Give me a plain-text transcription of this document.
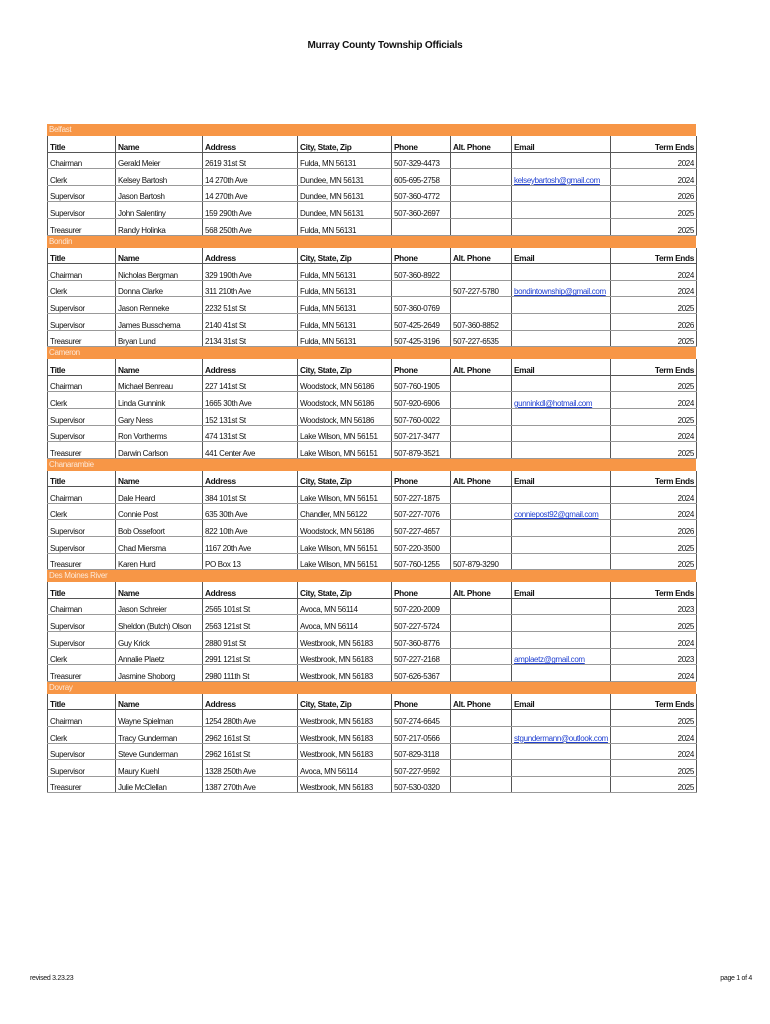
Murray County Township Officials
Belfast
Title	Name	Address	City, State, Zip	Phone	Alt. Phone	Email	Term Ends
Chairman	Gerald Meier	2619 31st St	Fulda, MN 56131	507-329-4473			2024
Clerk	Kelsey Bartosh	14 270th Ave	Dundee, MN 56131	605-695-2758		kelseybartosh@gmail.com	2024
Supervisor	Jason Bartosh	14 270th Ave	Dundee, MN 56131	507-360-4772			2026
Supervisor	John Salentiny	159 290th Ave	Dundee, MN 56131	507-360-2697			2025
Treasurer	Randy Holinka	568 250th Ave	Fulda, MN 56131				2025
Bondin
Title	Name	Address	City, State, Zip	Phone	Alt. Phone	Email	Term Ends
Chairman	Nicholas Bergman	329 190th Ave	Fulda, MN 56131	507-360-8922			2024
Clerk	Donna Clarke	311 210th Ave	Fulda, MN 56131		507-227-5780	bondintownship@gmail.com	2024
Supervisor	Jason Renneke	2232 51st St	Fulda, MN 56131	507-360-0769			2025
Supervisor	James Busschema	2140 41st St	Fulda, MN 56131	507-425-2649	507-360-8852		2026
Treasurer	Bryan Lund	2134 31st St	Fulda, MN 56131	507-425-3196	507-227-6535		2025
Cameron
Title	Name	Address	City, State, Zip	Phone	Alt. Phone	Email	Term Ends
Chairman	Michael Benreau	227 141st St	Woodstock, MN 56186	507-760-1905			2025
Clerk	Linda Gunnink	1665 30th Ave	Woodstock, MN 56186	507-920-6906		gunninkdl@hotmail.com	2024
Supervisor	Gary Ness	152 131st St	Woodstock, MN 56186	507-760-0022			2025
Supervisor	Ron Vortherms	474 131st St	Lake Wilson, MN 56151	507-217-3477			2024
Treasurer	Darwin Carlson	441 Center Ave	Lake Wilson, MN 56151	507-879-3521			2025
Chanarambie
Title	Name	Address	City, State, Zip	Phone	Alt. Phone	Email	Term Ends
Chairman	Dale Heard	384 101st St	Lake Wilson, MN 56151	507-227-1875			2024
Clerk	Connie Post	635 30th Ave	Chandler, MN 56122	507-227-7076		conniepost92@gmail.com	2024
Supervisor	Bob Ossefoort	822 10th Ave	Woodstock, MN 56186	507-227-4657			2026
Supervisor	Chad Miersma	1167 20th Ave	Lake Wilson, MN 56151	507-220-3500			2025
Treasurer	Karen Hurd	PO Box 13	Lake Wilson, MN 56151	507-760-1255	507-879-3290		2025
Des Moines River
Title	Name	Address	City, State, Zip	Phone	Alt. Phone	Email	Term Ends
Chairman	Jason Schreier	2565 101st St	Avoca, MN 56114	507-220-2009			2023
Supervisor	Sheldon (Butch) Olson	2563 121st St	Avoca, MN 56114	507-227-5724			2025
Supervisor	Guy Krick	2880 91st St	Westbrook, MN 56183	507-360-8776			2024
Clerk	Annalie Plaetz	2991 121st St	Westbrook, MN 56183	507-227-2168		amplaetz@gmail.com	2023
Treasurer	Jasmine Shoborg	2980 111th St	Westbrook, MN 56183	507-626-5367			2024
Dovray
Title	Name	Address	City, State, Zip	Phone	Alt. Phone	Email	Term Ends
Chairman	Wayne Spielman	1254 280th Ave	Westbrook, MN 56183	507-274-6645			2025
Clerk	Tracy Gunderman	2962 161st St	Westbrook, MN 56183	507-217-0566		stgundermann@outlook.com	2024
Supervisor	Steve Gunderman	2962 161st St	Westbrook, MN 56183	507-829-3118			2024
Supervisor	Maury Kuehl	1328 250th Ave	Avoca, MN 56114	507-227-9592			2025
Treasurer	Julie McClellan	1387 270th Ave	Westbrook, MN 56183	507-530-0320			2025
revised 3.23.23	page 1 of 4
